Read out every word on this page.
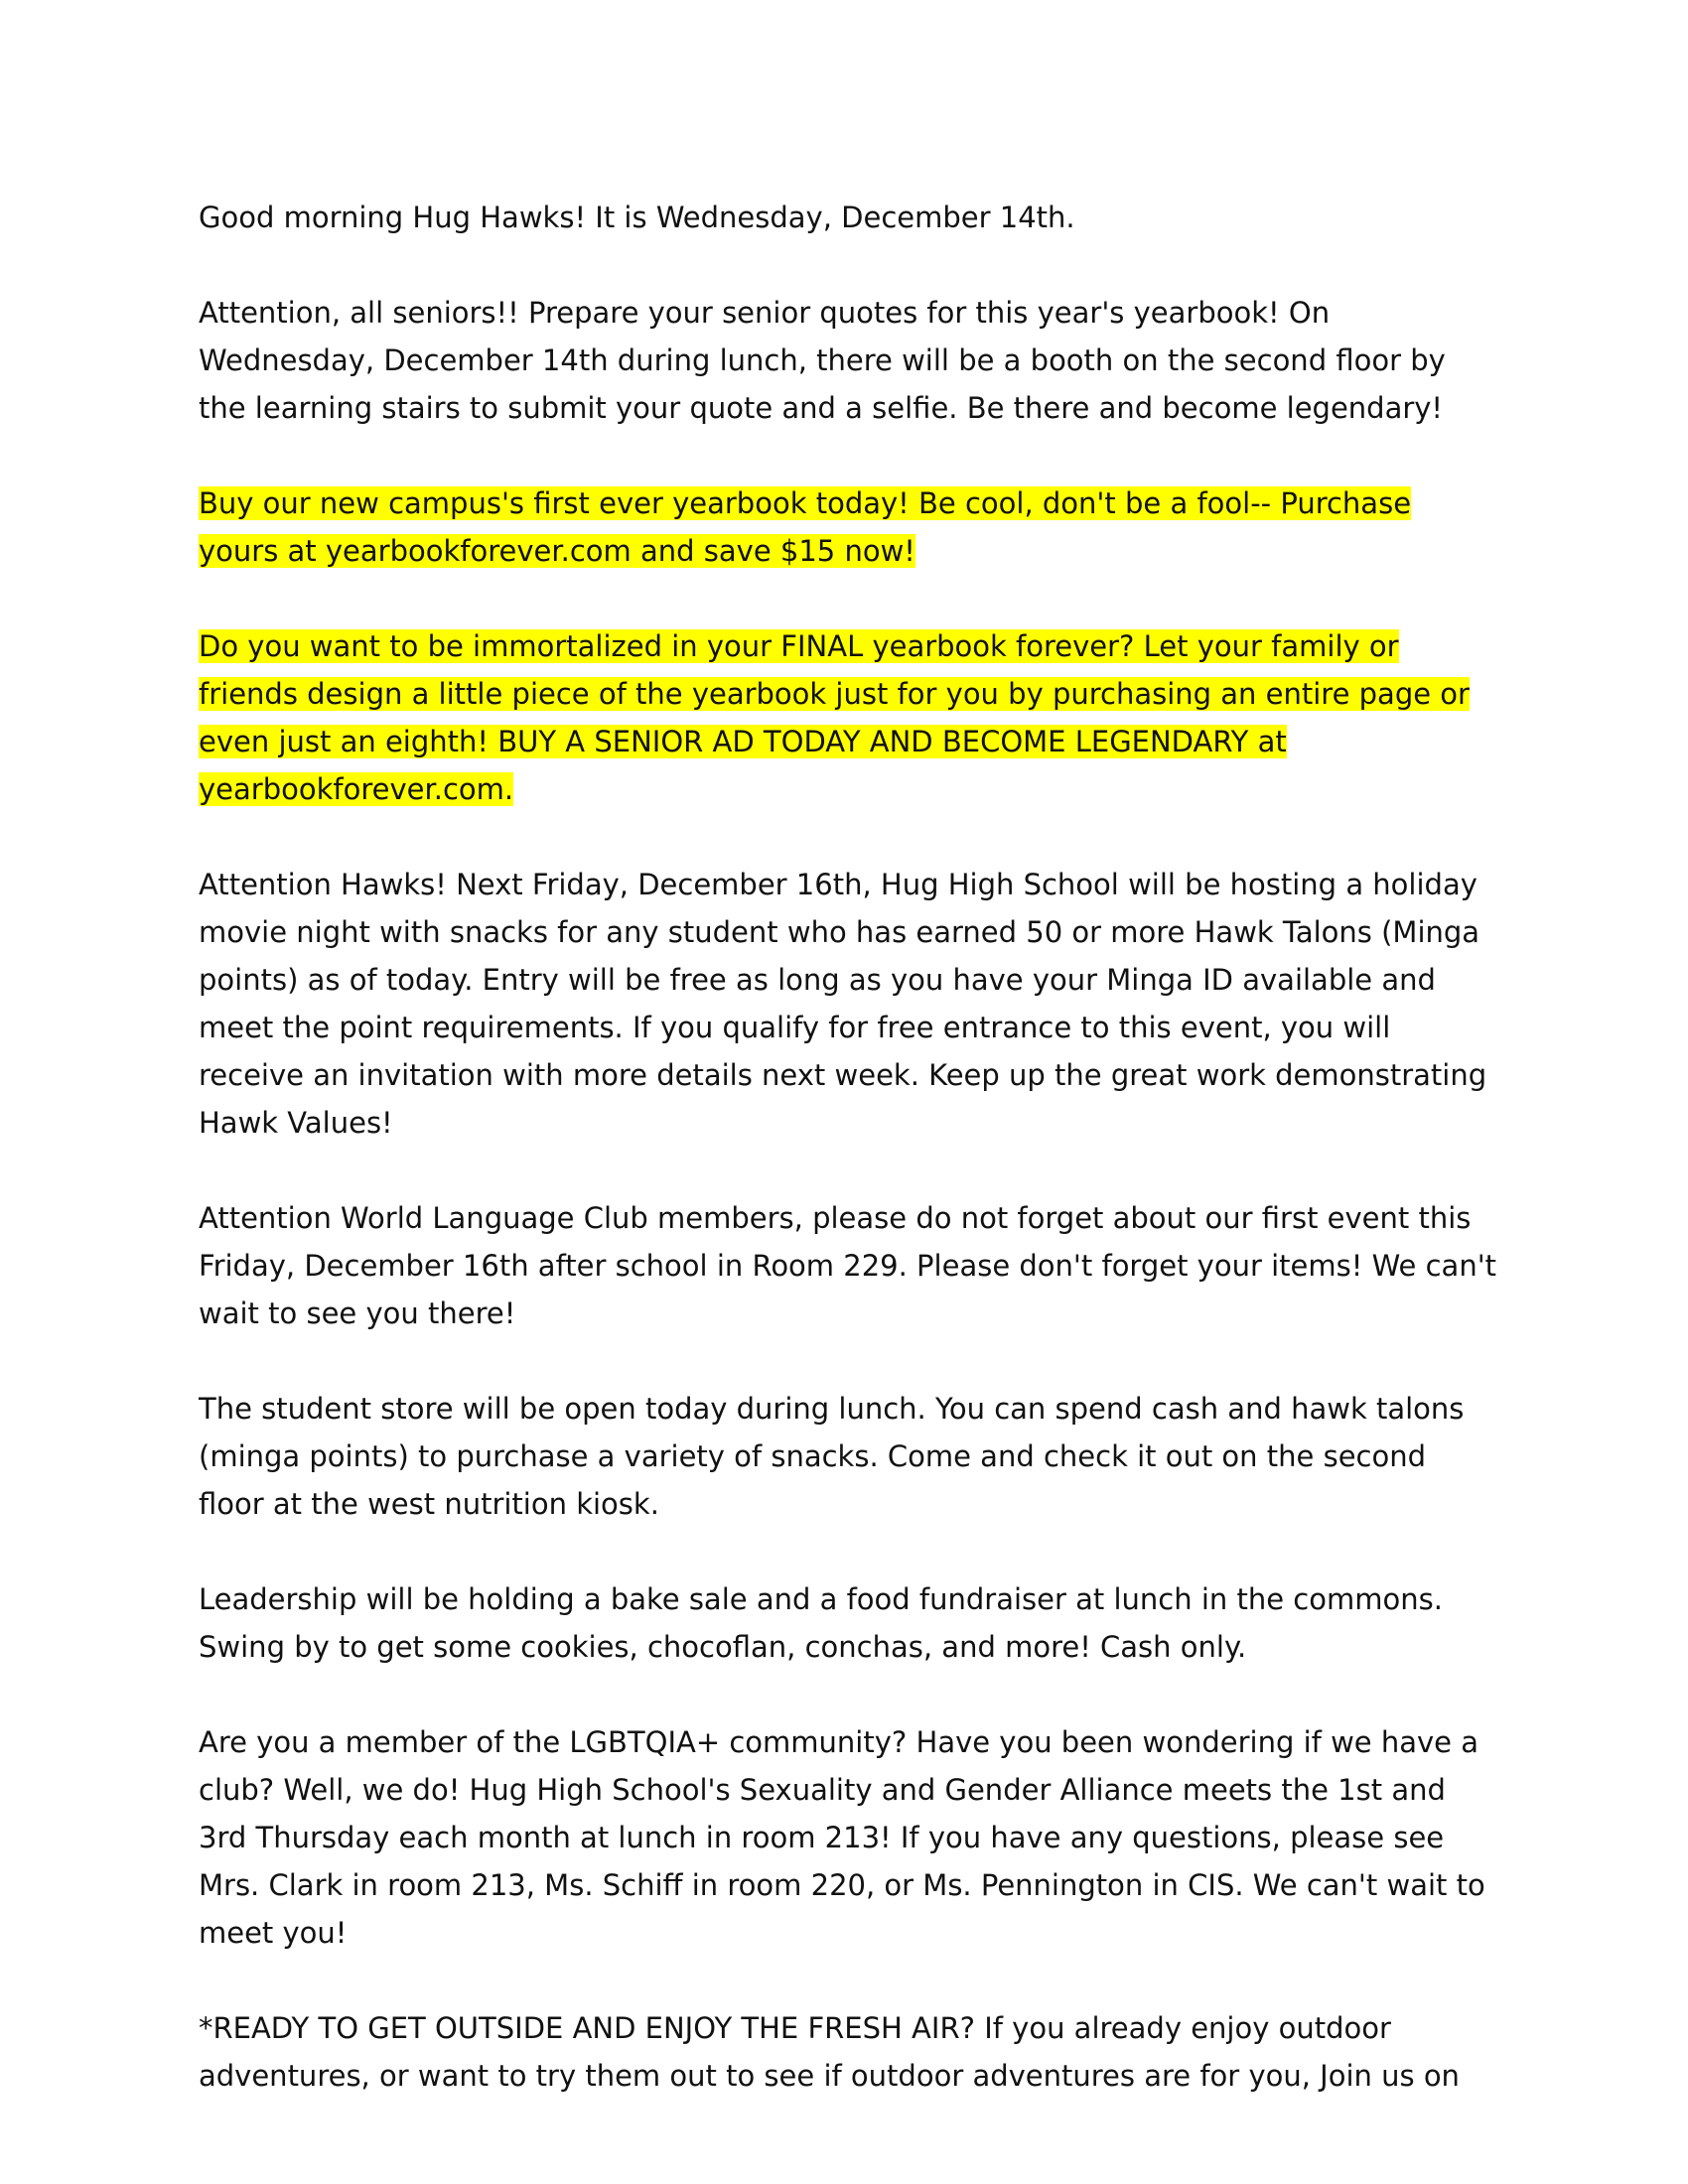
Good morning Hug Hawks! It is Wednesday, December 14th.

Attention, all seniors!! Prepare your senior quotes for this year's yearbook! On Wednesday, December 14th during lunch, there will be a booth on the second floor by the learning stairs to submit your quote and a selfie. Be there and become legendary!

Buy our new campus's first ever yearbook today! Be cool, don't be a fool-- Purchase yours at yearbookforever.com and save $15 now!

Do you want to be immortalized in your FINAL yearbook forever? Let your family or friends design a little piece of the yearbook just for you by purchasing an entire page or even just an eighth! BUY A SENIOR AD TODAY AND BECOME LEGENDARY at yearbookforever.com.

Attention Hawks! Next Friday, December 16th, Hug High School will be hosting a holiday movie night with snacks for any student who has earned 50 or more Hawk Talons (Minga points) as of today. Entry will be free as long as you have your Minga ID available and meet the point requirements. If you qualify for free entrance to this event, you will receive an invitation with more details next week. Keep up the great work demonstrating Hawk Values!

Attention World Language Club members, please do not forget about our first event this Friday, December 16th after school in Room 229. Please don't forget your items! We can't wait to see you there!

The student store will be open today during lunch. You can spend cash and hawk talons (minga points) to purchase a variety of snacks. Come and check it out on the second floor at the west nutrition kiosk.

Leadership will be holding a bake sale and a food fundraiser at lunch in the commons. Swing by to get some cookies, chocoflan, conchas, and more! Cash only.

Are you a member of the LGBTQIA+ community? Have you been wondering if we have a club? Well, we do! Hug High School's Sexuality and Gender Alliance meets the 1st and 3rd Thursday each month at lunch in room 213! If you have any questions, please see Mrs. Clark in room 213, Ms. Schiff in room 220, or Ms. Pennington in CIS. We can't wait to meet you!

*READY TO GET OUTSIDE AND ENJOY THE FRESH AIR? If you already enjoy outdoor adventures, or want to try them out to see if outdoor adventures are for you, Join us on
